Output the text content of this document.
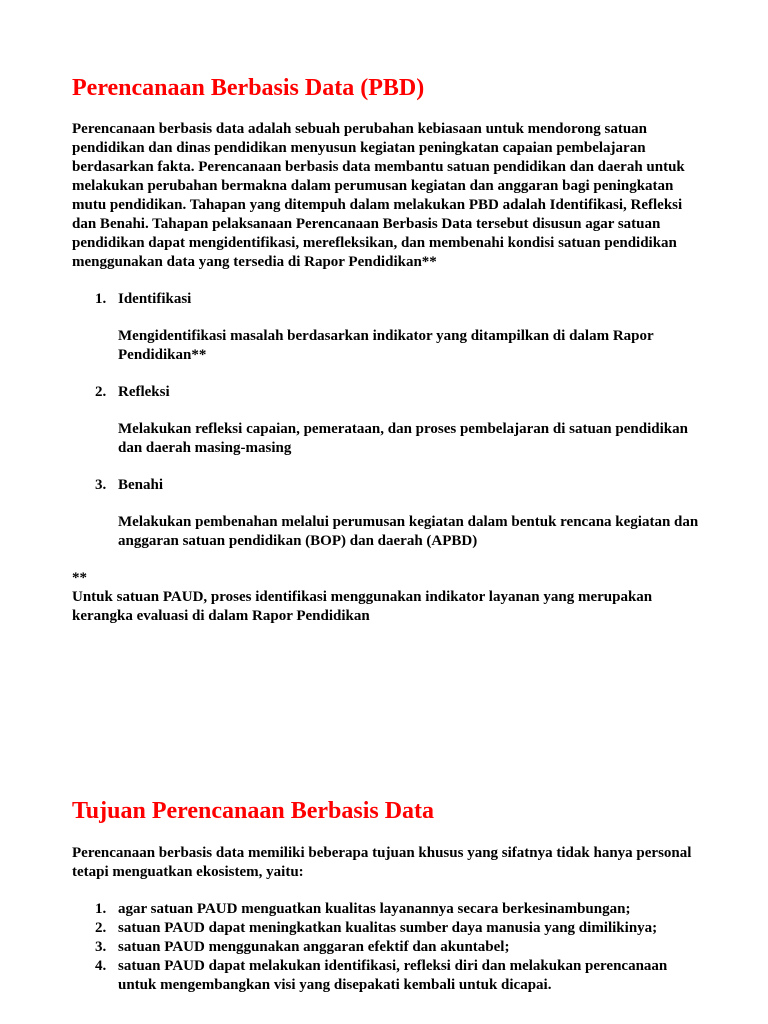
Perencanaan Berbasis Data (PBD)

Perencanaan berbasis data adalah sebuah perubahan kebiasaan untuk mendorong satuan pendidikan dan dinas pendidikan menyusun kegiatan peningkatan capaian pembelajaran berdasarkan fakta. Perencanaan berbasis data membantu satuan pendidikan dan daerah untuk melakukan perubahan bermakna dalam perumusan kegiatan dan anggaran bagi peningkatan mutu pendidikan. Tahapan yang ditempuh dalam melakukan PBD adalah Identifikasi, Refleksi dan Benahi. Tahapan pelaksanaan Perencanaan Berbasis Data tersebut disusun agar satuan pendidikan dapat mengidentifikasi, merefleksikan, dan membenahi kondisi satuan pendidikan menggunakan data yang tersedia di Rapor Pendidikan**

1. Identifikasi

Mengidentifikasi masalah berdasarkan indikator yang ditampilkan di dalam Rapor Pendidikan**

2. Refleksi

Melakukan refleksi capaian, pemerataan, dan proses pembelajaran di satuan pendidikan dan daerah masing-masing

3. Benahi

Melakukan pembenahan melalui perumusan kegiatan dalam bentuk rencana kegiatan dan anggaran satuan pendidikan (BOP) dan daerah (APBD)

**

Untuk satuan PAUD, proses identifikasi menggunakan indikator layanan yang merupakan kerangka evaluasi di dalam Rapor Pendidikan

Tujuan Perencanaan Berbasis Data

Perencanaan berbasis data memiliki beberapa tujuan khusus yang sifatnya tidak hanya personal tetapi menguatkan ekosistem, yaitu:

1. agar satuan PAUD menguatkan kualitas layanannya secara berkesinambungan;
2. satuan PAUD dapat meningkatkan kualitas sumber daya manusia yang dimilikinya;
3. satuan PAUD menggunakan anggaran efektif dan akuntabel;
4. satuan PAUD dapat melakukan identifikasi, refleksi diri dan melakukan perencanaan untuk mengembangkan visi yang disepakati kembali untuk dicapai.
